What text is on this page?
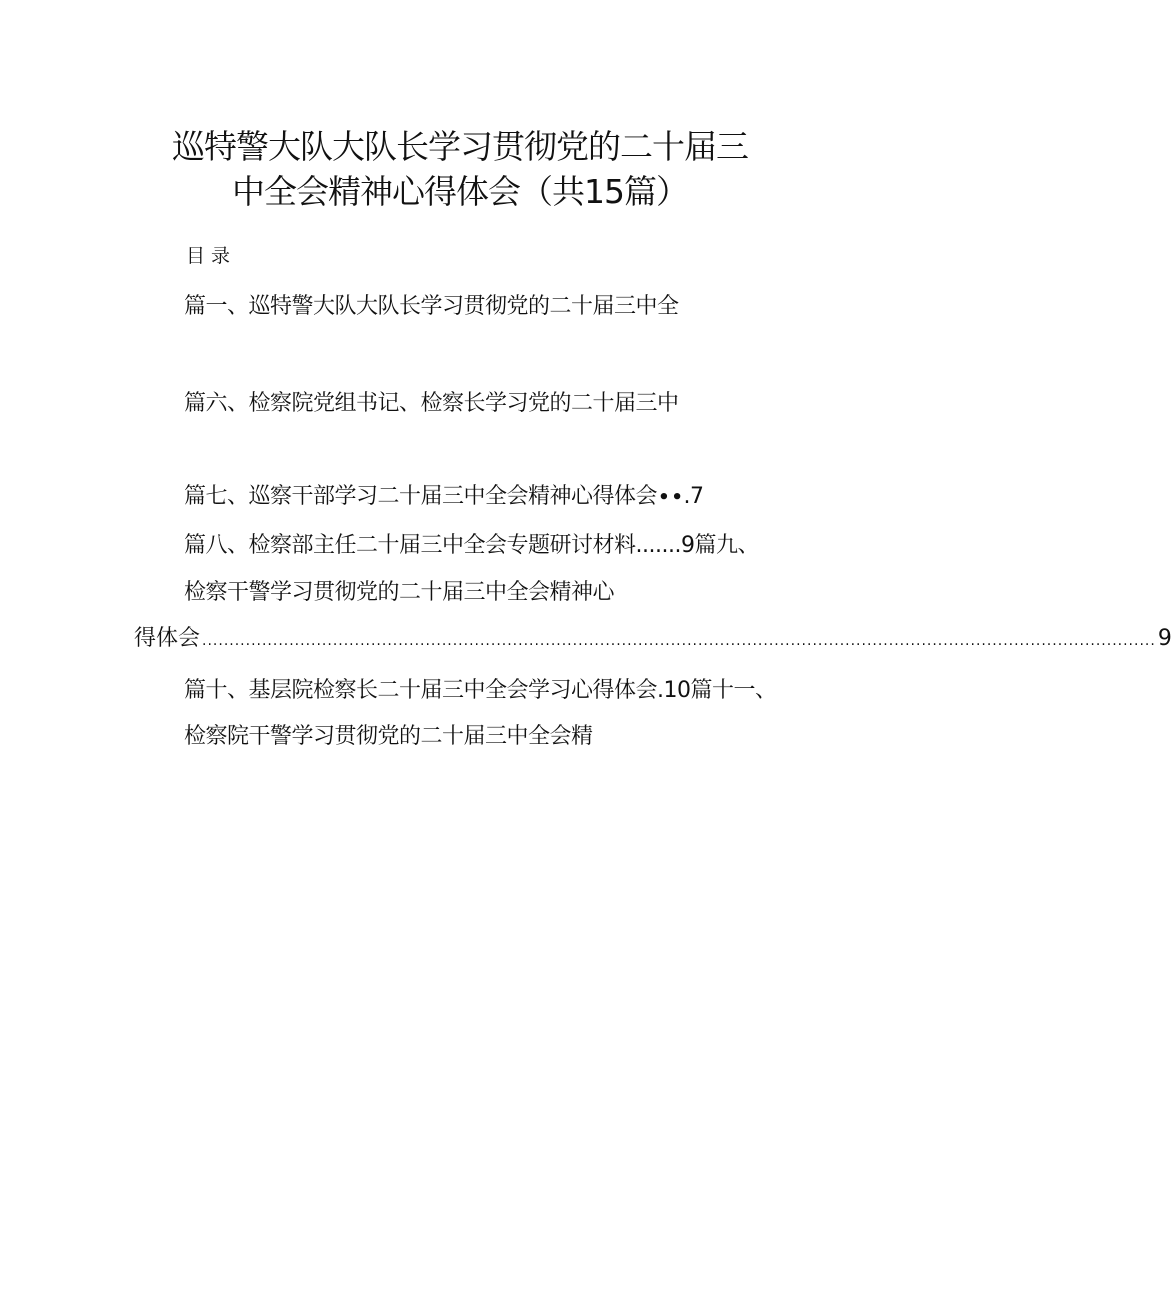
巡特警大队大队长学习贯彻党的二十届三
中全会精神心得体会（共15篇）
目录
篇一、巡特警大队大队长学习贯彻党的二十届三中全
篇六、检察院党组书记、检察长学习党的二十届三中
篇七、巡察干部学习二十届三中全会精神心得体会∙∙.7
篇八、检察部主任二十届三中全会专题研讨材料.......9篇九、
检察干警学习贯彻党的二十届三中全会精神心
得体会 ............................................................................................................................................................................... 9
篇十、基层院检察长二十届三中全会学习心得体会.10篇十一、
检察院干警学习贯彻党的二十届三中全会精
